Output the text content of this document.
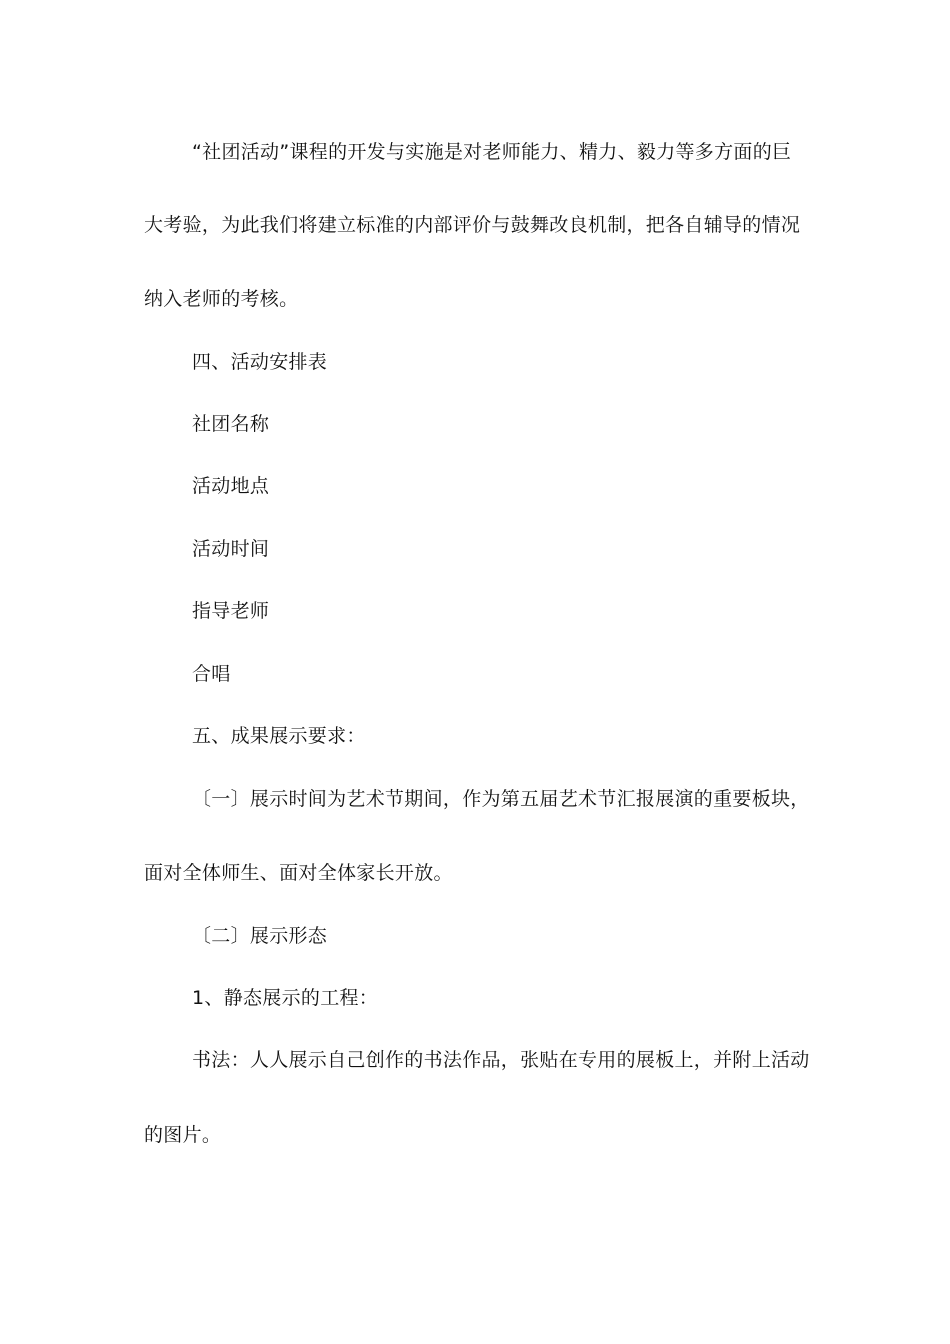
“社团活动”课程的开发与实施是对老师能力、精力、毅力等多方面的巨
大考验，为此我们将建立标准的内部评价与鼓舞改良机制，把各自辅导的情况
纳入老师的考核。
四、活动安排表
社团名称
活动地点
活动时间
指导老师
合唱
五、成果展示要求：
〔一〕展示时间为艺术节期间，作为第五届艺术节汇报展演的重要板块，
面对全体师生、面对全体家长开放。
〔二〕展示形态
1、静态展示的工程：
书法：人人展示自己创作的书法作品，张贴在专用的展板上，并附上活动
的图片。
